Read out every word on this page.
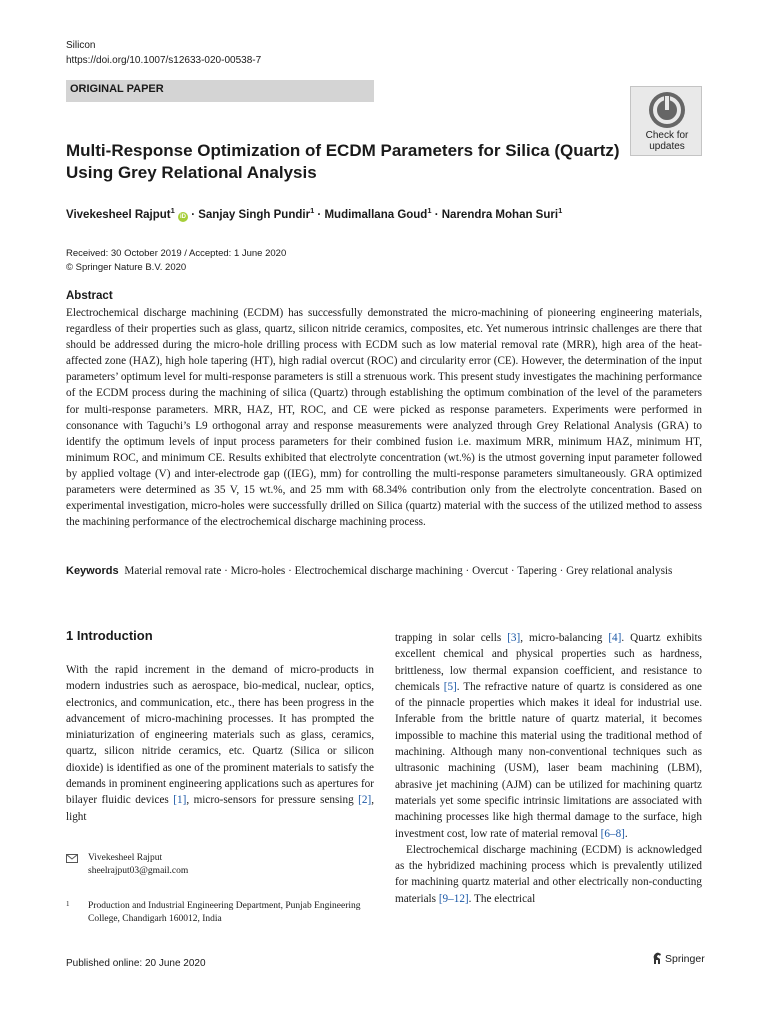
Silicon
https://doi.org/10.1007/s12633-020-00538-7
ORIGINAL PAPER
Check for
updates
Multi-Response Optimization of ECDM Parameters for Silica (Quartz) Using Grey Relational Analysis
Vivekesheel Rajput$^1$ iD · Sanjay Singh Pundir$^1$ · Mudimallana Goud$^1$ · Narendra Mohan Suri$^1$
Received: 30 October 2019 / Accepted: 1 June 2020
© Springer Nature B.V. 2020
Abstract

Electrochemical discharge machining (ECDM) has successfully demonstrated the micro-machining of pioneering engineering materials, regardless of their properties such as glass, quartz, silicon nitride ceramics, composites, etc. Yet numerous intrinsic challenges are there that should be addressed during the micro-hole drilling process with ECDM such as low material removal rate (MRR), high area of the heat-affected zone (HAZ), high hole tapering (HT), high radial overcut (ROC) and circularity error (CE). However, the determination of the input parameters’ optimum level for multi-response parameters is still a strenuous work. This present study investigates the machining performance of the ECDM process during the machining of silica (Quartz) through establishing the optimum combination of the level of the parameters for multi-response parameters. MRR, HAZ, HT, ROC, and CE were picked as response parameters. Experiments were performed in consonance with Taguchi’s L9 orthogonal array and response measurements were analyzed through Grey Relational Analysis (GRA) to identify the optimum levels of input process parameters for their combined fusion i.e. maximum MRR, minimum HAZ, minimum HT, minimum ROC, and minimum CE. Results exhibited that electrolyte concentration (wt.%) is the utmost governing input parameter followed by applied voltage (V) and inter-electrode gap ((IEG), mm) for controlling the multi-response parameters simultaneously. GRA optimized parameters were determined as 35 V, 15 wt.%, and 25 mm with 68.34% contribution only from the electrolyte concentration. Based on experimental investigation, micro-holes were successfully drilled on Silica (quartz) material with the success of the utilized method to assess the machining performance of the electrochemical discharge machining process.

Keywords Material removal rate · Micro-holes · Electrochemical discharge machining · Overcut · Tapering · Grey relational analysis

1 Introduction

With the rapid increment in the demand of micro-products in modern industries such as aerospace, bio-medical, nuclear, optics, electronics, and communication, etc., there has been progress in the advancement of micro-machining processes. It has prompted the miniaturization of engineering materials such as glass, ceramics, quartz, silicon nitride ceramics, etc. Quartz (Silica or silicon dioxide) is identified as one of the prominent materials to satisfy the demands in prominent engineering applications such as apertures for bilayer fluidic devices [1], micro-sensors for pressure sensing [2], light

trapping in solar cells [3], micro-balancing [4]. Quartz exhibits excellent chemical and physical properties such as hardness, brittleness, low thermal expansion coefficient, and resistance to chemicals [5]. The refractive nature of quartz is considered as one of the pinnacle properties which makes it ideal for industrial use. Inferable from the brittle nature of quartz material, it becomes impossible to machine this material using the traditional method of machining. Although many non-conventional techniques such as ultrasonic machining (USM), laser beam machining (LBM), abrasive jet machining (AJM) can be utilized for machining quartz materials yet some specific intrinsic limitations are associated with machining processes like high thermal damage to the surface, high investment cost, low rate of material removal [6–8].

Electrochemical discharge machining (ECDM) is acknowledged as the hybridized machining process which is prevalently utilized for machining quartz material and other electrically non-conducting materials [9–12]. The electrical

Vivekesheel Rajput
sheelrajput03@gmail.com
1 Production and Industrial Engineering Department, Punjab Engineering College, Chandigarh 160012, India
Published online: 20 June 2020	Springer
